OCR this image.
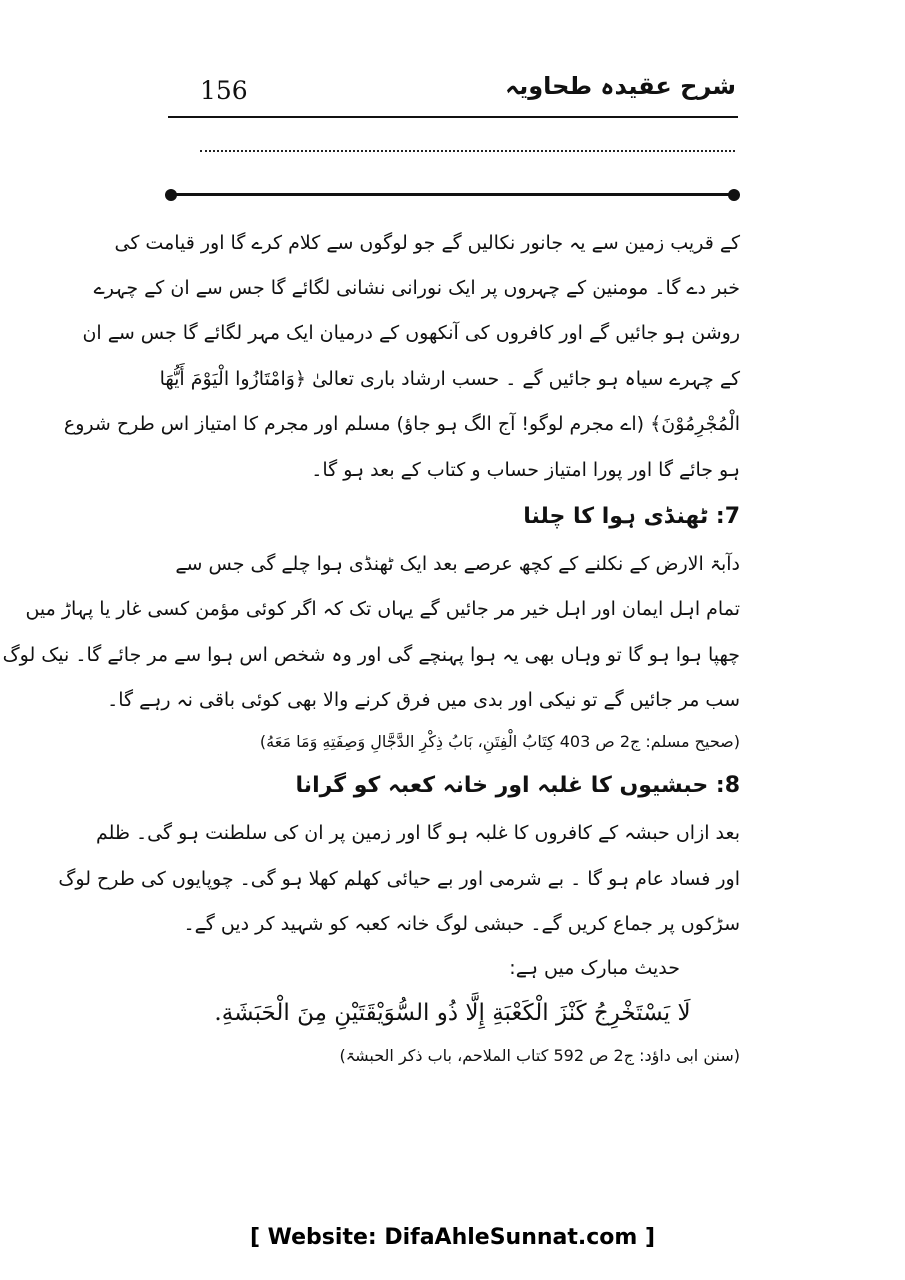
156	شرح عقیدہ طحاویہ
کے قریب زمین سے یہ جانور نکالیں گے جو لوگوں سے کلام کرے گا اور قیامت کی
خبر دے گا۔ مومنین کے چہروں پر ایک نورانی نشانی لگائے گا جس سے ان کے چہرے
روشن ہو جائیں گے اور کافروں کی آنکھوں کے درمیان ایک مہر لگائے گا جس سے ان
کے چہرے سیاہ ہو جائیں گے ۔ حسب ارشاد باری تعالیٰ ﴿وَامْتَازُوا الْيَوْمَ أَيُّهَا
الْمُجْرِمُوْنَ﴾ (اے مجرم لوگو! آج الگ ہو جاؤ) مسلم اور مجرم کا امتیاز اس طرح شروع
ہو جائے گا اور پورا امتیاز حساب و کتاب کے بعد ہو گا۔
7: ٹھنڈی ہوا کا چلنا
دآبۃ الارض کے نکلنے کے کچھ عرصے بعد ایک ٹھنڈی ہوا چلے گی جس سے
تمام اہل ایمان اور اہل خیر مر جائیں گے یہاں تک کہ اگر کوئی مؤمن کسی غار یا پہاڑ میں
چھپا ہوا ہو گا تو وہاں بھی یہ ہوا پہنچے گی اور وہ شخص اس ہوا سے مر جائے گا۔ نیک لوگ
سب مر جائیں گے تو نیکی اور بدی میں فرق کرنے والا بھی کوئی باقی نہ رہے گا۔
(صحیح مسلم: ج2 ص 403 كِتَابُ الْفِتَنِ، بَابُ ذِكْرِ الدَّجَّالِ وَصِفَتِهِ وَمَا مَعَهُ)
8: حبشیوں کا غلبہ اور خانہ کعبہ کو گرانا
بعد ازاں حبشہ کے کافروں کا غلبہ ہو گا اور زمین پر ان کی سلطنت ہو گی۔ ظلم
اور فساد عام ہو گا ۔ بے شرمی اور بے حیائی کھلم کھلا ہو گی۔ چوپایوں کی طرح لوگ
سڑکوں پر جماع کریں گے۔ حبشی لوگ خانہ کعبہ کو شہید کر دیں گے۔
حدیث مبارک میں ہے:
لَا يَسْتَخْرِجُ كَنْزَ الْكَعْبَةِ إِلَّا ذُو السُّوَيْقَتَيْنِ مِنَ الْحَبَشَةِ.
(سنن ابی داؤد: ج2 ص 592 کتاب الملاحم، باب ذکر الحبشۃ)
[ Website: DifaAhleSunnat.com ]
